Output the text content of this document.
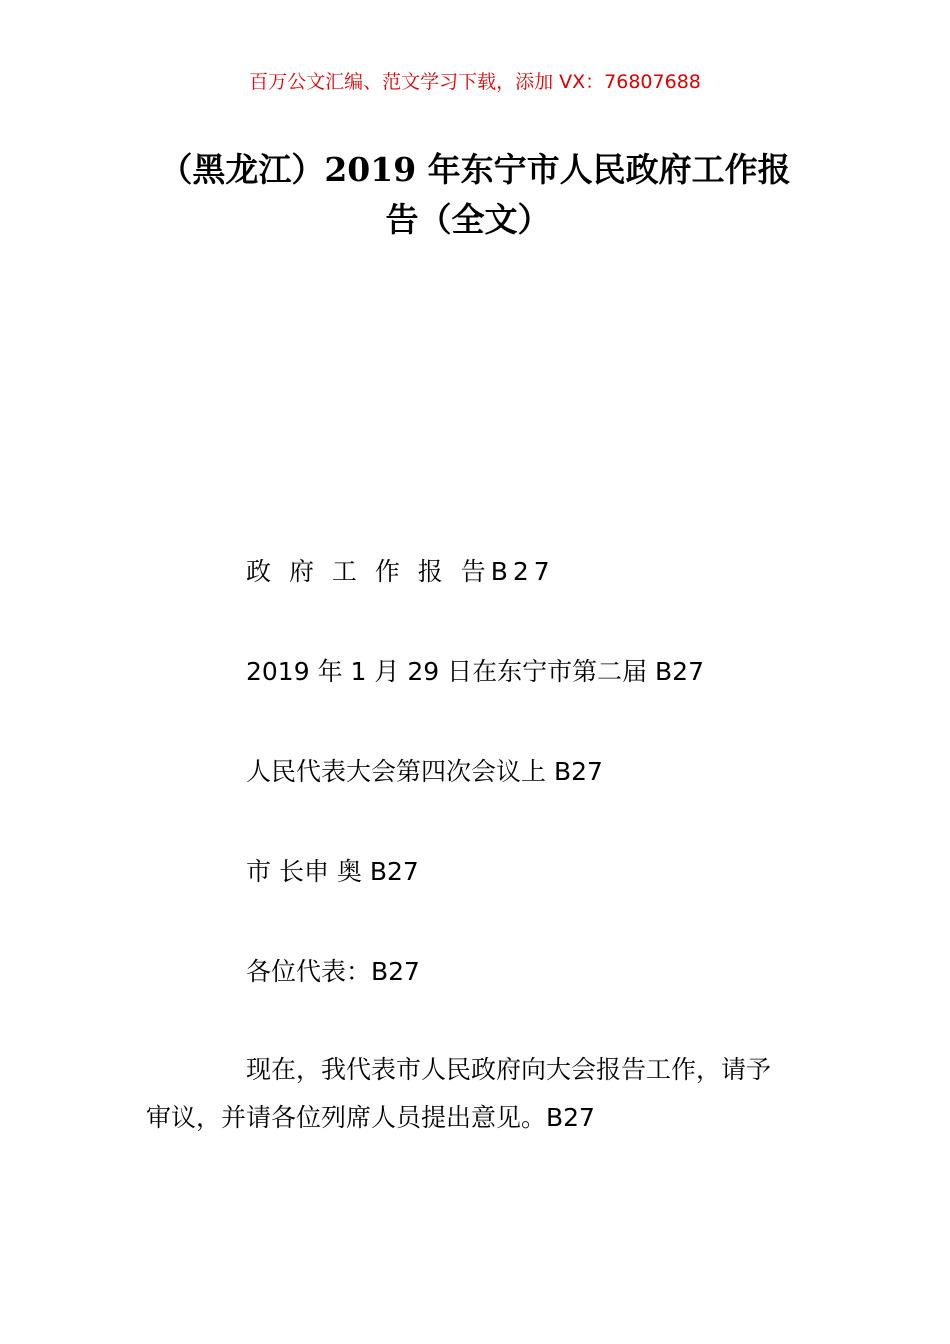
百万公文汇编、范文学习下载，添加 VX：76807688
（黑龙江）2019 年东宁市人民政府工作报
告（全文）
政 府 工 作 报 告B27
2019 年 1 月 29 日在东宁市第二届 B27
人民代表大会第四次会议上 B27
市 长申 奥 B27
各位代表：B27
现在，我代表市人民政府向大会报告工作，请予
审议，并请各位列席人员提出意见。B27
